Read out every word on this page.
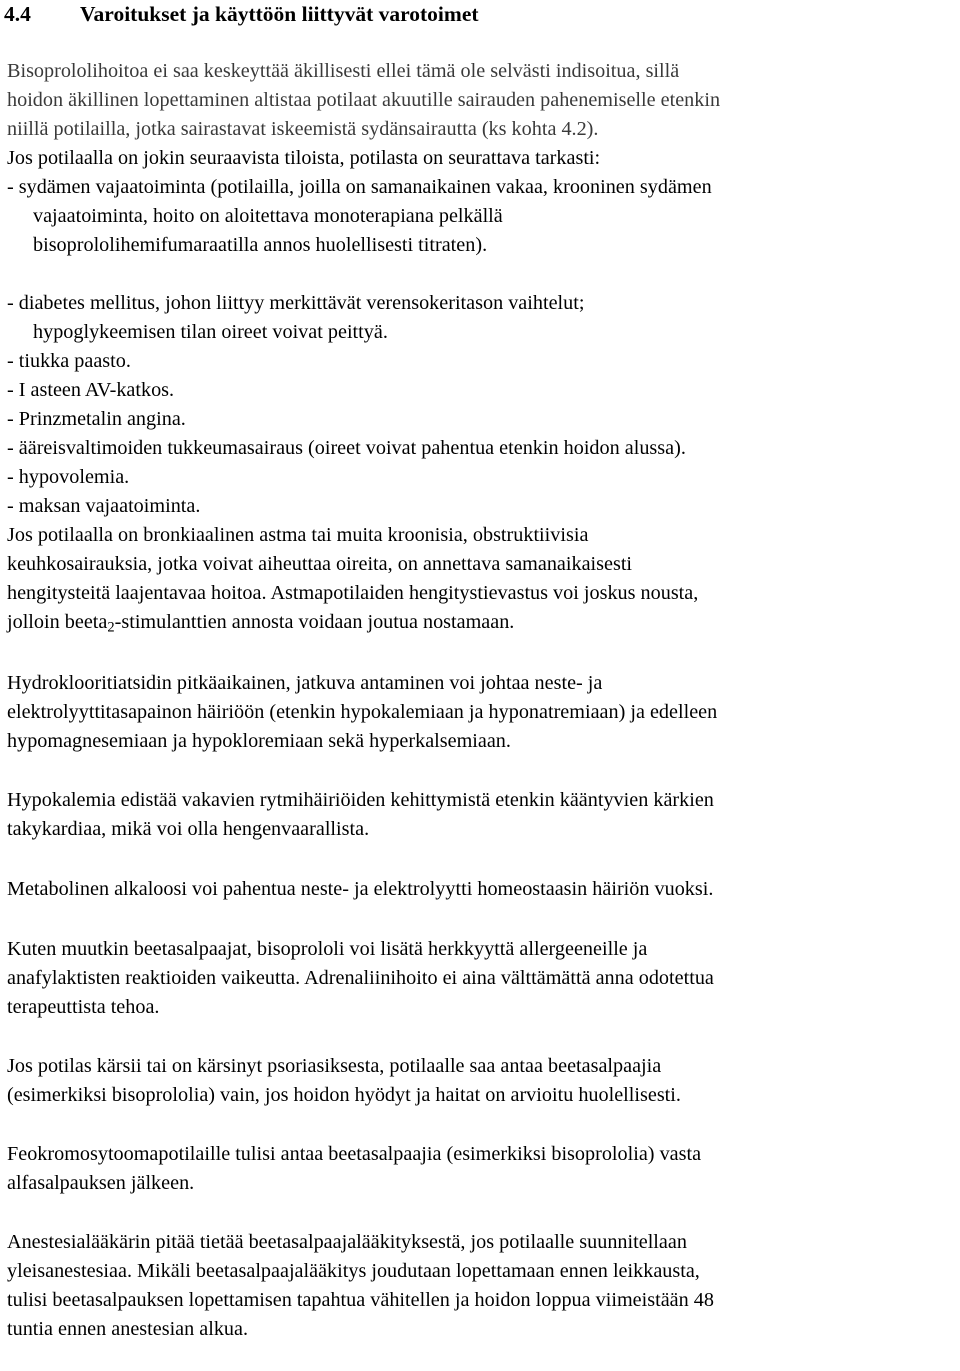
4.4 Varoitukset ja käyttöön liittyvät varotoimet
Bisoprololihoitoa ei saa keskeyttää äkillisesti ellei tämä ole selvästi indisoitua, sillä
hoidon äkillinen lopettaminen altistaa potilaat akuutille sairauden pahenemiselle etenkin
niillä potilailla, jotka sairastavat iskeemistä sydänsairautta (ks kohta 4.2).
Jos potilaalla on jokin seuraavista tiloista, potilasta on seurattava tarkasti:
- sydämen vajaatoiminta (potilailla, joilla on samanaikainen vakaa, krooninen sydämen
vajaatoiminta, hoito on aloitettava monoterapiana pelkällä
bisoprololihemifumaraatilla annos huolellisesti titraten).
- diabetes mellitus, johon liittyy merkittävät verensokeritason vaihtelut;
hypoglykeemisen tilan oireet voivat peittyä.
- tiukka paasto.
- I asteen AV-katkos.
- Prinzmetalin angina.
- ääreisvaltimoiden tukkeumasairaus (oireet voivat pahentua etenkin hoidon alussa).
- hypovolemia.
- maksan vajaatoiminta.
Jos potilaalla on bronkiaalinen astma tai muita kroonisia, obstruktiivisia
keuhkosairauksia, jotka voivat aiheuttaa oireita, on annettava samanaikaisesti
hengitysteitä laajentavaa hoitoa. Astmapotilaiden hengitystievastus voi joskus nousta,
jolloin beeta$_2$-stimulanttien annosta voidaan joutua nostamaan.
Hydroklooritiatsidin pitkäaikainen, jatkuva antaminen voi johtaa neste- ja
elektrolyyttitasapainon häiriöön (etenkin hypokalemiaan ja hyponatremiaan) ja edelleen
hypomagnesemiaan ja hypokloremiaan sekä hyperkalsemiaan.
Hypokalemia edistää vakavien rytmihäiriöiden kehittymistä etenkin kääntyvien kärkien
takykardiaa, mikä voi olla hengenvaarallista.
Metabolinen alkaloosi voi pahentua neste- ja elektrolyytti homeostaasin häiriön vuoksi.
Kuten muutkin beetasalpaajat, bisoprololi voi lisätä herkkyyttä allergeeneille ja
anafylaktisten reaktioiden vaikeutta. Adrenaliinihoito ei aina välttämättä anna odotettua
terapeuttista tehoa.
Jos potilas kärsii tai on kärsinyt psoriasiksesta, potilaalle saa antaa beetasalpaajia
(esimerkiksi bisoprololia) vain, jos hoidon hyödyt ja haitat on arvioitu huolellisesti.
Feokromosytoomapotilaille tulisi antaa beetasalpaajia (esimerkiksi bisoprololia) vasta
alfasalpauksen jälkeen.
Anestesialääkärin pitää tietää beetasalpaajalääkityksestä, jos potilaalle suunnitellaan
yleisanestesiaa. Mikäli beetasalpaajalääkitys joudutaan lopettamaan ennen leikkausta,
tulisi beetasalpauksen lopettamisen tapahtua vähitellen ja hoidon loppua viimeistään 48
tuntia ennen anestesian alkua.
